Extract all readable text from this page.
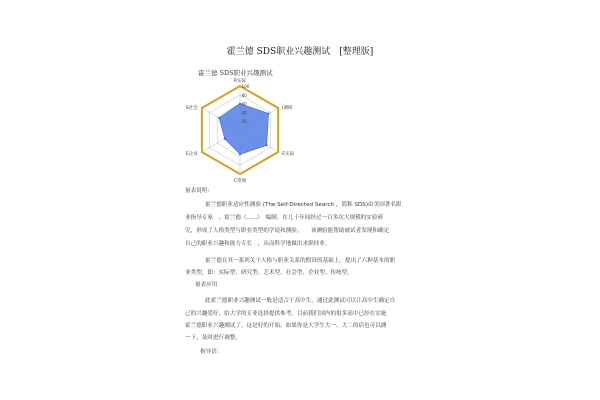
霍兰德 SDS职业兴趣测试　[整理版]
霍兰德 SDS职业兴趣测试
100
80
60
40
20
R实际
I调研
E实际
C常规
E企业
S社会
量表说明：
霍兰德职业适应性测验 (The Self-Directed Search ，简称 SDS)由美国著名职
业指导专家　、霍兰德（......）　编制。在几十年间经过一百多次大规模的实验研
究，形成了人格类型与职业类型的学说和测验。　　该测验能帮助被试者发现和确定
自己的职业兴趣和能力专长　，从而科学地做出求职择业。
霍兰德在其一系列关于人格与职业关系的假设的基础上，提出了六种基本的职
业类型，即：实际型、研究型、艺术型、社会型、企业型、传统型。
量表应用
此霍兰德职业兴趣测试一般是适合于高中生，通过此测试可以让高中生确定自
己的兴趣爱好，给大学的专业选择提供参考。目前我们国内的很多高中已经在实施
霍兰德职业兴趣测试了，这是好的开始。如果你是大学生大一、大二的话也可以测
一下，及时进行调整。
指导语：
